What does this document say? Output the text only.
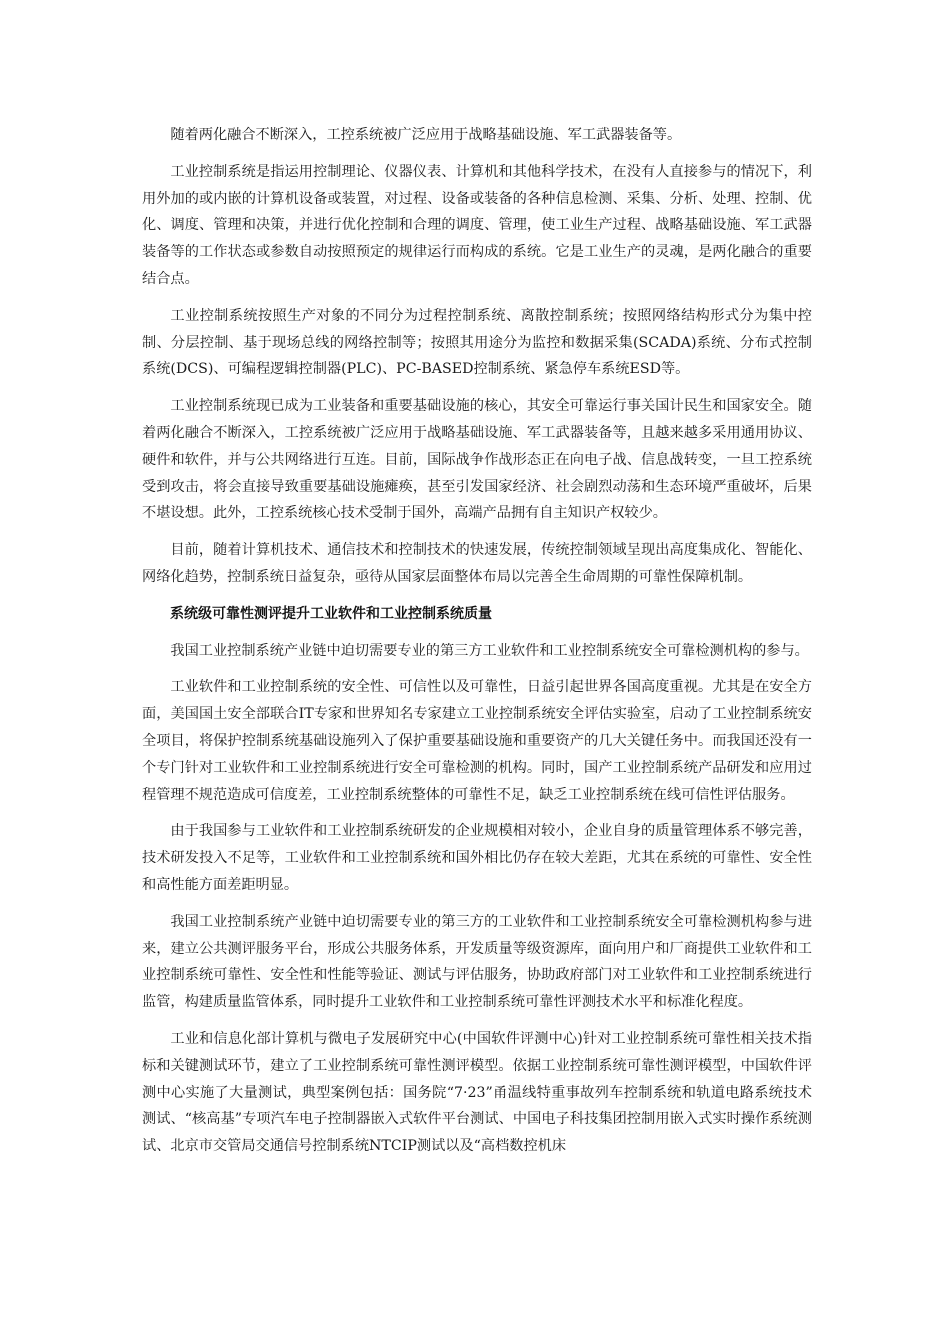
随着两化融合不断深入，工控系统被广泛应用于战略基础设施、军工武器装备等。

工业控制系统是指运用控制理论、仪器仪表、计算机和其他科学技术，在没有人直接参与的情况下，利用外加的或内嵌的计算机设备或装置，对过程、设备或装备的各种信息检测、采集、分析、处理、控制、优化、调度、管理和决策，并进行优化控制和合理的调度、管理，使工业生产过程、战略基础设施、军工武器装备等的工作状态或参数自动按照预定的规律运行而构成的系统。它是工业生产的灵魂，是两化融合的重要结合点。

工业控制系统按照生产对象的不同分为过程控制系统、离散控制系统；按照网络结构形式分为集中控制、分层控制、基于现场总线的网络控制等；按照其用途分为监控和数据采集(SCADA)系统、分布式控制系统(DCS)、可编程逻辑控制器(PLC)、PC-BASED控制系统、紧急停车系统ESD等。

工业控制系统现已成为工业装备和重要基础设施的核心，其安全可靠运行事关国计民生和国家安全。随着两化融合不断深入，工控系统被广泛应用于战略基础设施、军工武器装备等，且越来越多采用通用协议、硬件和软件，并与公共网络进行互连。目前，国际战争作战形态正在向电子战、信息战转变，一旦工控系统受到攻击，将会直接导致重要基础设施瘫痪，甚至引发国家经济、社会剧烈动荡和生态环境严重破坏，后果不堪设想。此外，工控系统核心技术受制于国外，高端产品拥有自主知识产权较少。

目前，随着计算机技术、通信技术和控制技术的快速发展，传统控制领域呈现出高度集成化、智能化、网络化趋势，控制系统日益复杂，亟待从国家层面整体布局以完善全生命周期的可靠性保障机制。

系统级可靠性测评提升工业软件和工业控制系统质量

我国工业控制系统产业链中迫切需要专业的第三方工业软件和工业控制系统安全可靠检测机构的参与。

工业软件和工业控制系统的安全性、可信性以及可靠性，日益引起世界各国高度重视。尤其是在安全方面，美国国土安全部联合IT专家和世界知名专家建立工业控制系统安全评估实验室，启动了工业控制系统安全项目，将保护控制系统基础设施列入了保护重要基础设施和重要资产的几大关键任务中。而我国还没有一个专门针对工业软件和工业控制系统进行安全可靠检测的机构。同时，国产工业控制系统产品研发和应用过程管理不规范造成可信度差，工业控制系统整体的可靠性不足，缺乏工业控制系统在线可信性评估服务。

由于我国参与工业软件和工业控制系统研发的企业规模相对较小，企业自身的质量管理体系不够完善，技术研发投入不足等，工业软件和工业控制系统和国外相比仍存在较大差距，尤其在系统的可靠性、安全性和高性能方面差距明显。

我国工业控制系统产业链中迫切需要专业的第三方的工业软件和工业控制系统安全可靠检测机构参与进来，建立公共测评服务平台，形成公共服务体系，开发质量等级资源库，面向用户和厂商提供工业软件和工业控制系统可靠性、安全性和性能等验证、测试与评估服务，协助政府部门对工业软件和工业控制系统进行监管，构建质量监管体系，同时提升工业软件和工业控制系统可靠性评测技术水平和标准化程度。

工业和信息化部计算机与微电子发展研究中心(中国软件评测中心)针对工业控制系统可靠性相关技术指标和关键测试环节，建立了工业控制系统可靠性测评模型。依据工业控制系统可靠性测评模型，中国软件评测中心实施了大量测试，典型案例包括：国务院“7·23”甬温线特重事故列车控制系统和轨道电路系统技术测试、“核高基”专项汽车电子控制器嵌入式软件平台测试、中国电子科技集团控制用嵌入式实时操作系统测试、北京市交管局交通信号控制系统NTCIP测试以及“高档数控机床
